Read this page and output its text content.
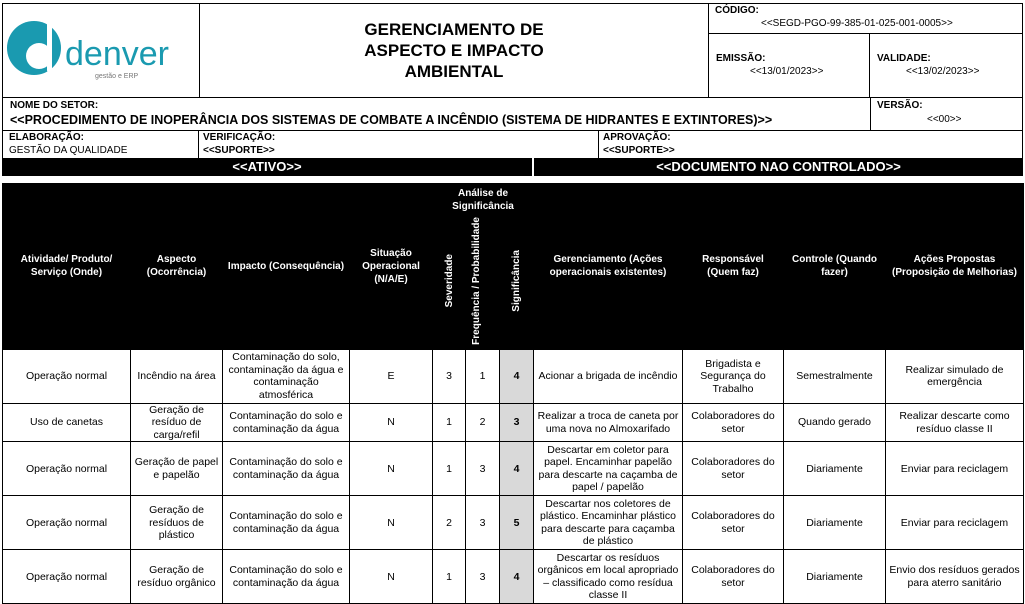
denver
gestão e ERP
GERENCIAMENTO DE ASPECTO E IMPACTO AMBIENTAL
CÓDIGO:
<<SEGD-PGO-99-385-01-025-001-0005>>
EMISSÃO:
<<13/01/2023>>
VALIDADE:
<<13/02/2023>>
NOME DO SETOR:
<<PROCEDIMENTO DE INOPERÂNCIA DOS SISTEMAS DE COMBATE A INCÊNDIO (SISTEMA DE HIDRANTES E EXTINTORES)>>
VERSÃO:
<<00>>
ELABORAÇÃO:
GESTÃO DA QUALIDADE
VERIFICAÇÃO:
<<SUPORTE>>
APROVAÇÃO:
<<SUPORTE>>
<<ATIVO>>	<<DOCUMENTO NAO CONTROLADO>>
Atividade/ Produto/ Serviço (Onde)	Aspecto (Ocorrência)	Impacto (Consequência)	Situação Operacional (N/A/E)	Análise de Significância			Gerenciamento (Ações operacionais existentes)	Responsável (Quem faz)	Controle (Quando fazer)	Ações Propostas (Proposição de Melhorias)
				Severidade	Frequência / Probabilidade	Significância				
Operação normal	Incêndio na área	Contaminação do solo, contaminação da água e contaminação atmosférica	E	3	1	4	Acionar a brigada de incêndio	Brigadista e Segurança do Trabalho	Semestralmente	Realizar simulado de emergência
Uso de canetas	Geração de resíduo de carga/refil	Contaminação do solo e contaminação da água	N	1	2	3	Realizar a troca de caneta por uma nova no Almoxarifado	Colaboradores do setor	Quando gerado	Realizar descarte como resíduo classe II
Operação normal	Geração de papel e papelão	Contaminação do solo e contaminação da água	N	1	3	4	Descartar em coletor para papel. Encaminhar papelão para descarte na caçamba de papel / papelão	Colaboradores do setor	Diariamente	Enviar para reciclagem
Operação normal	Geração de resíduos de plástico	Contaminação do solo e contaminação da água	N	2	3	5	Descartar nos coletores de plástico. Encaminhar plástico para descarte para caçamba de plástico	Colaboradores do setor	Diariamente	Enviar para reciclagem
Operação normal	Geração de resíduo orgânico	Contaminação do solo e contaminação da água	N	1	3	4	Descartar os resíduos orgânicos em local apropriado – classificado como resídua classe II	Colaboradores do setor	Diariamente	Envio dos resíduos gerados para aterro sanitário
